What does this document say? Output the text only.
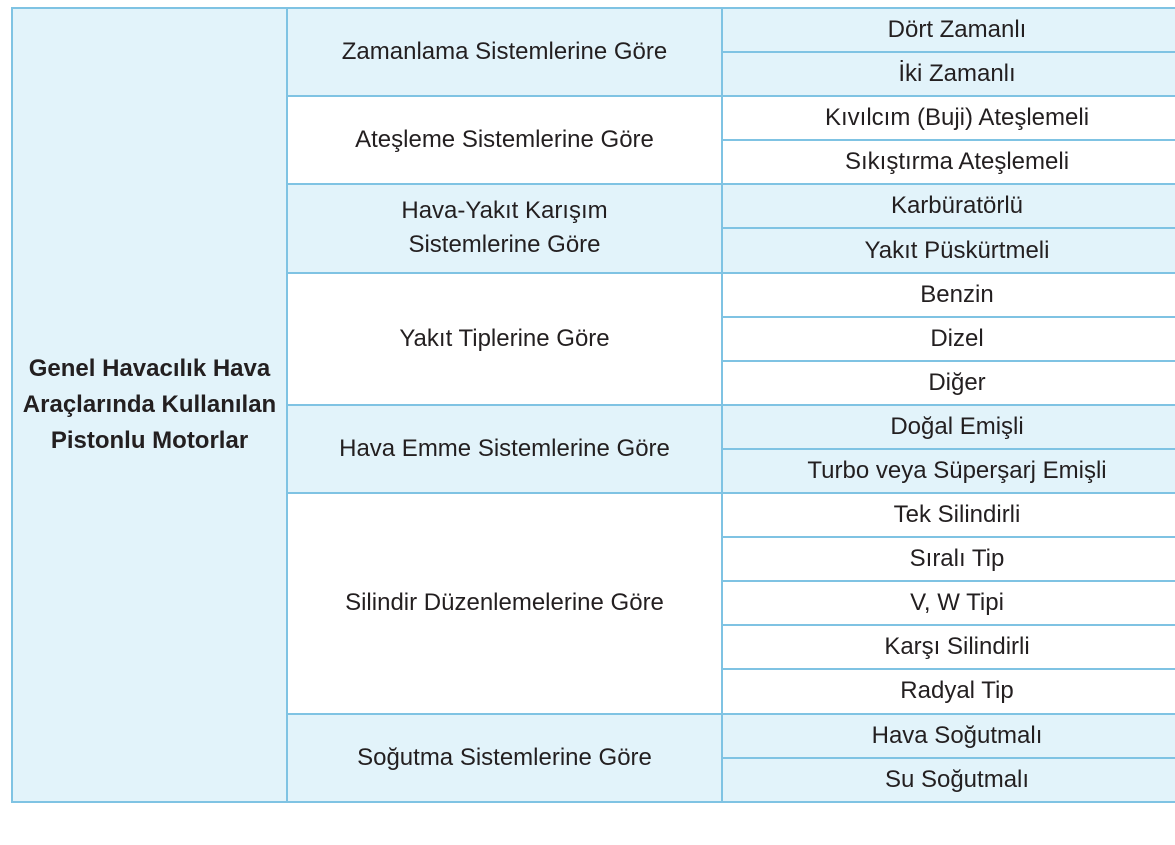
Genel Havacılık Hava Araçlarında Kullanılan Pistonlu Motorlar	Zamanlama Sistemlerine Göre	Dört Zamanlı
		İki Zamanlı
	Ateşleme Sistemlerine Göre	Kıvılcım (Buji) Ateşlemeli
		Sıkıştırma Ateşlemeli
	Hava-Yakıt Karışım Sistemlerine Göre	Karbüratörlü
		Yakıt Püskürtmeli
	Yakıt Tiplerine Göre	Benzin
		Dizel
		Diğer
	Hava Emme Sistemlerine Göre	Doğal Emişli
		Turbo veya Süperşarj Emişli
	Silindir Düzenlemelerine Göre	Tek Silindirli
		Sıralı Tip
		V, W Tipi
		Karşı Silindirli
		Radyal Tip
	Soğutma Sistemlerine Göre	Hava Soğutmalı
		Su Soğutmalı
